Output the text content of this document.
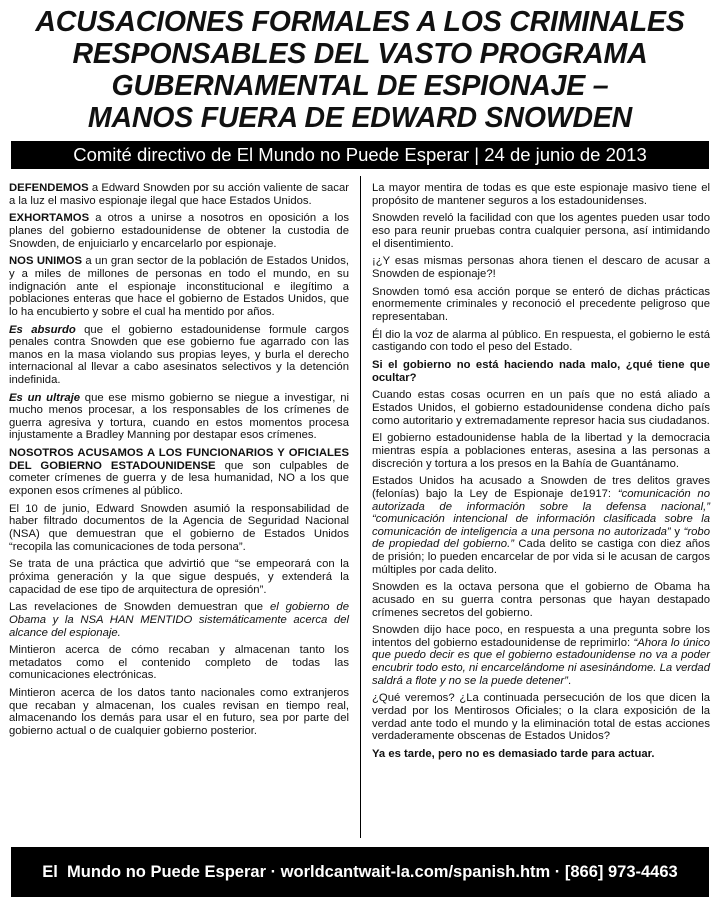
ACUSACIONES FORMALES A LOS CRIMINALES
RESPONSABLES DEL VASTO PROGRAMA
GUBERNAMENTAL DE ESPIONAJE –
MANOS FUERA DE EDWARD SNOWDEN
Comité directivo de El Mundo no Puede Esperar | 24 de junio de 2013

DEFENDEMOS a Edward Snowden por su acción valiente de sacar a la luz el masivo espionaje ilegal que hace Estados Unidos.

EXHORTAMOS a otros a unirse a nosotros en oposición a los planes del gobierno estadounidense de obtener la custodia de Snowden, de enjuiciarlo y encarcelarlo por espionaje.

NOS UNIMOS a un gran sector de la población de Estados Unidos, y a miles de millones de personas en todo el mundo, en su indignación ante el espionaje inconstitucional e ilegítimo a poblaciones enteras que hace el gobierno de Estados Unidos, que lo ha encubierto y sobre el cual ha mentido por años.

Es absurdo que el gobierno estadounidense formule cargos penales contra Snowden que ese gobierno fue agarrado con las manos en la masa violando sus propias leyes, y burla el derecho internacional al llevar a cabo asesinatos selectivos y la detención indefinida.

Es un ultraje que ese mismo gobierno se niegue a investigar, ni mucho menos procesar, a los responsables de los crímenes de guerra agresiva y tortura, cuando en estos momentos procesa injustamente a Bradley Manning por destapar esos crímenes.

NOSOTROS ACUSAMOS A LOS FUNCIONARIOS Y OFICIALES DEL GOBIERNO ESTADOUNIDENSE que son culpables de cometer crímenes de guerra y de lesa humanidad, NO a los que exponen esos crímenes al público.

El 10 de junio, Edward Snowden asumió la responsabilidad de haber filtrado documentos de la Agencia de Seguridad Nacional (NSA) que demuestran que el gobierno de Estados Unidos “recopila las comunicaciones de toda persona”.

Se trata de una práctica que advirtió que “se empeorará con la próxima generación y la que sigue después, y extenderá la capacidad de ese tipo de arquitectura de opresión”.

Las revelaciones de Snowden demuestran que el gobierno de Obama y la NSA HAN MENTIDO sistemáticamente acerca del alcance del espionaje.

Mintieron acerca de cómo recaban y almacenan tanto los metadatos como el contenido completo de todas las comunicaciones electrónicas.

Mintieron acerca de los datos tanto nacionales como extranjeros que recaban y almacenan, los cuales revisan en tiempo real, almacenando los demás para usar el en futuro, sea por parte del gobierno actual o de cualquier gobierno posterior.

La mayor mentira de todas es que este espionaje masivo tiene el propósito de mantener seguros a los estadounidenses.

Snowden reveló la facilidad con que los agentes pueden usar todo eso para reunir pruebas contra cualquier persona, así intimidando el disentimiento.

¡¿Y esas mismas personas ahora tienen el descaro de acusar a Snowden de espionaje?!

Snowden tomó esa acción porque se enteró de dichas prácticas enormemente criminales y reconoció el precedente peligroso que representaban.

Él dio la voz de alarma al público. En respuesta, el gobierno le está castigando con todo el peso del Estado.

Si el gobierno no está haciendo nada malo, ¿qué tiene que ocultar?

Cuando estas cosas ocurren en un país que no está aliado a Estados Unidos, el gobierno estadounidense condena dicho país como autoritario y extremadamente represor hacia sus ciudadanos.

El gobierno estadounidense habla de la libertad y la democracia mientras espía a poblaciones enteras, asesina a las personas a discreción y tortura a los presos en la Bahía de Guantánamo.

Estados Unidos ha acusado a Snowden de tres delitos graves (felonías) bajo la Ley de Espionaje de1917: “comunicación no autorizada de información sobre la defensa nacional,” “comunicación intencional de información clasificada sobre la comunicación de inteligencia a una persona no autorizada” y “robo de propiedad del gobierno.” Cada delito se castiga con diez años de prisión; lo pueden encarcelar de por vida si le acusan de cargos múltiples por cada delito.

Snowden es la octava persona que el gobierno de Obama ha acusado en su guerra contra personas que hayan destapado crímenes secretos del gobierno.

Snowden dijo hace poco, en respuesta a una pregunta sobre los intentos del gobierno estadounidense de reprimirlo: “Ahora lo único que puedo decir es que el gobierno estadounidense no va a poder encubrir todo esto, ni encarcelándome ni asesinándome. La verdad saldrá a flote y no se la puede detener”.

¿Qué veremos? ¿La continuada persecución de los que dicen la verdad por los Mentirosos Oficiales; o la clara exposición de la verdad ante todo el mundo y la eliminación total de estas acciones verdaderamente obscenas de Estados Unidos?

Ya es tarde, pero no es demasiado tarde para actuar.

El  Mundo no Puede Esperar · worldcantwait-la.com/spanish.htm · [866] 973-4463
